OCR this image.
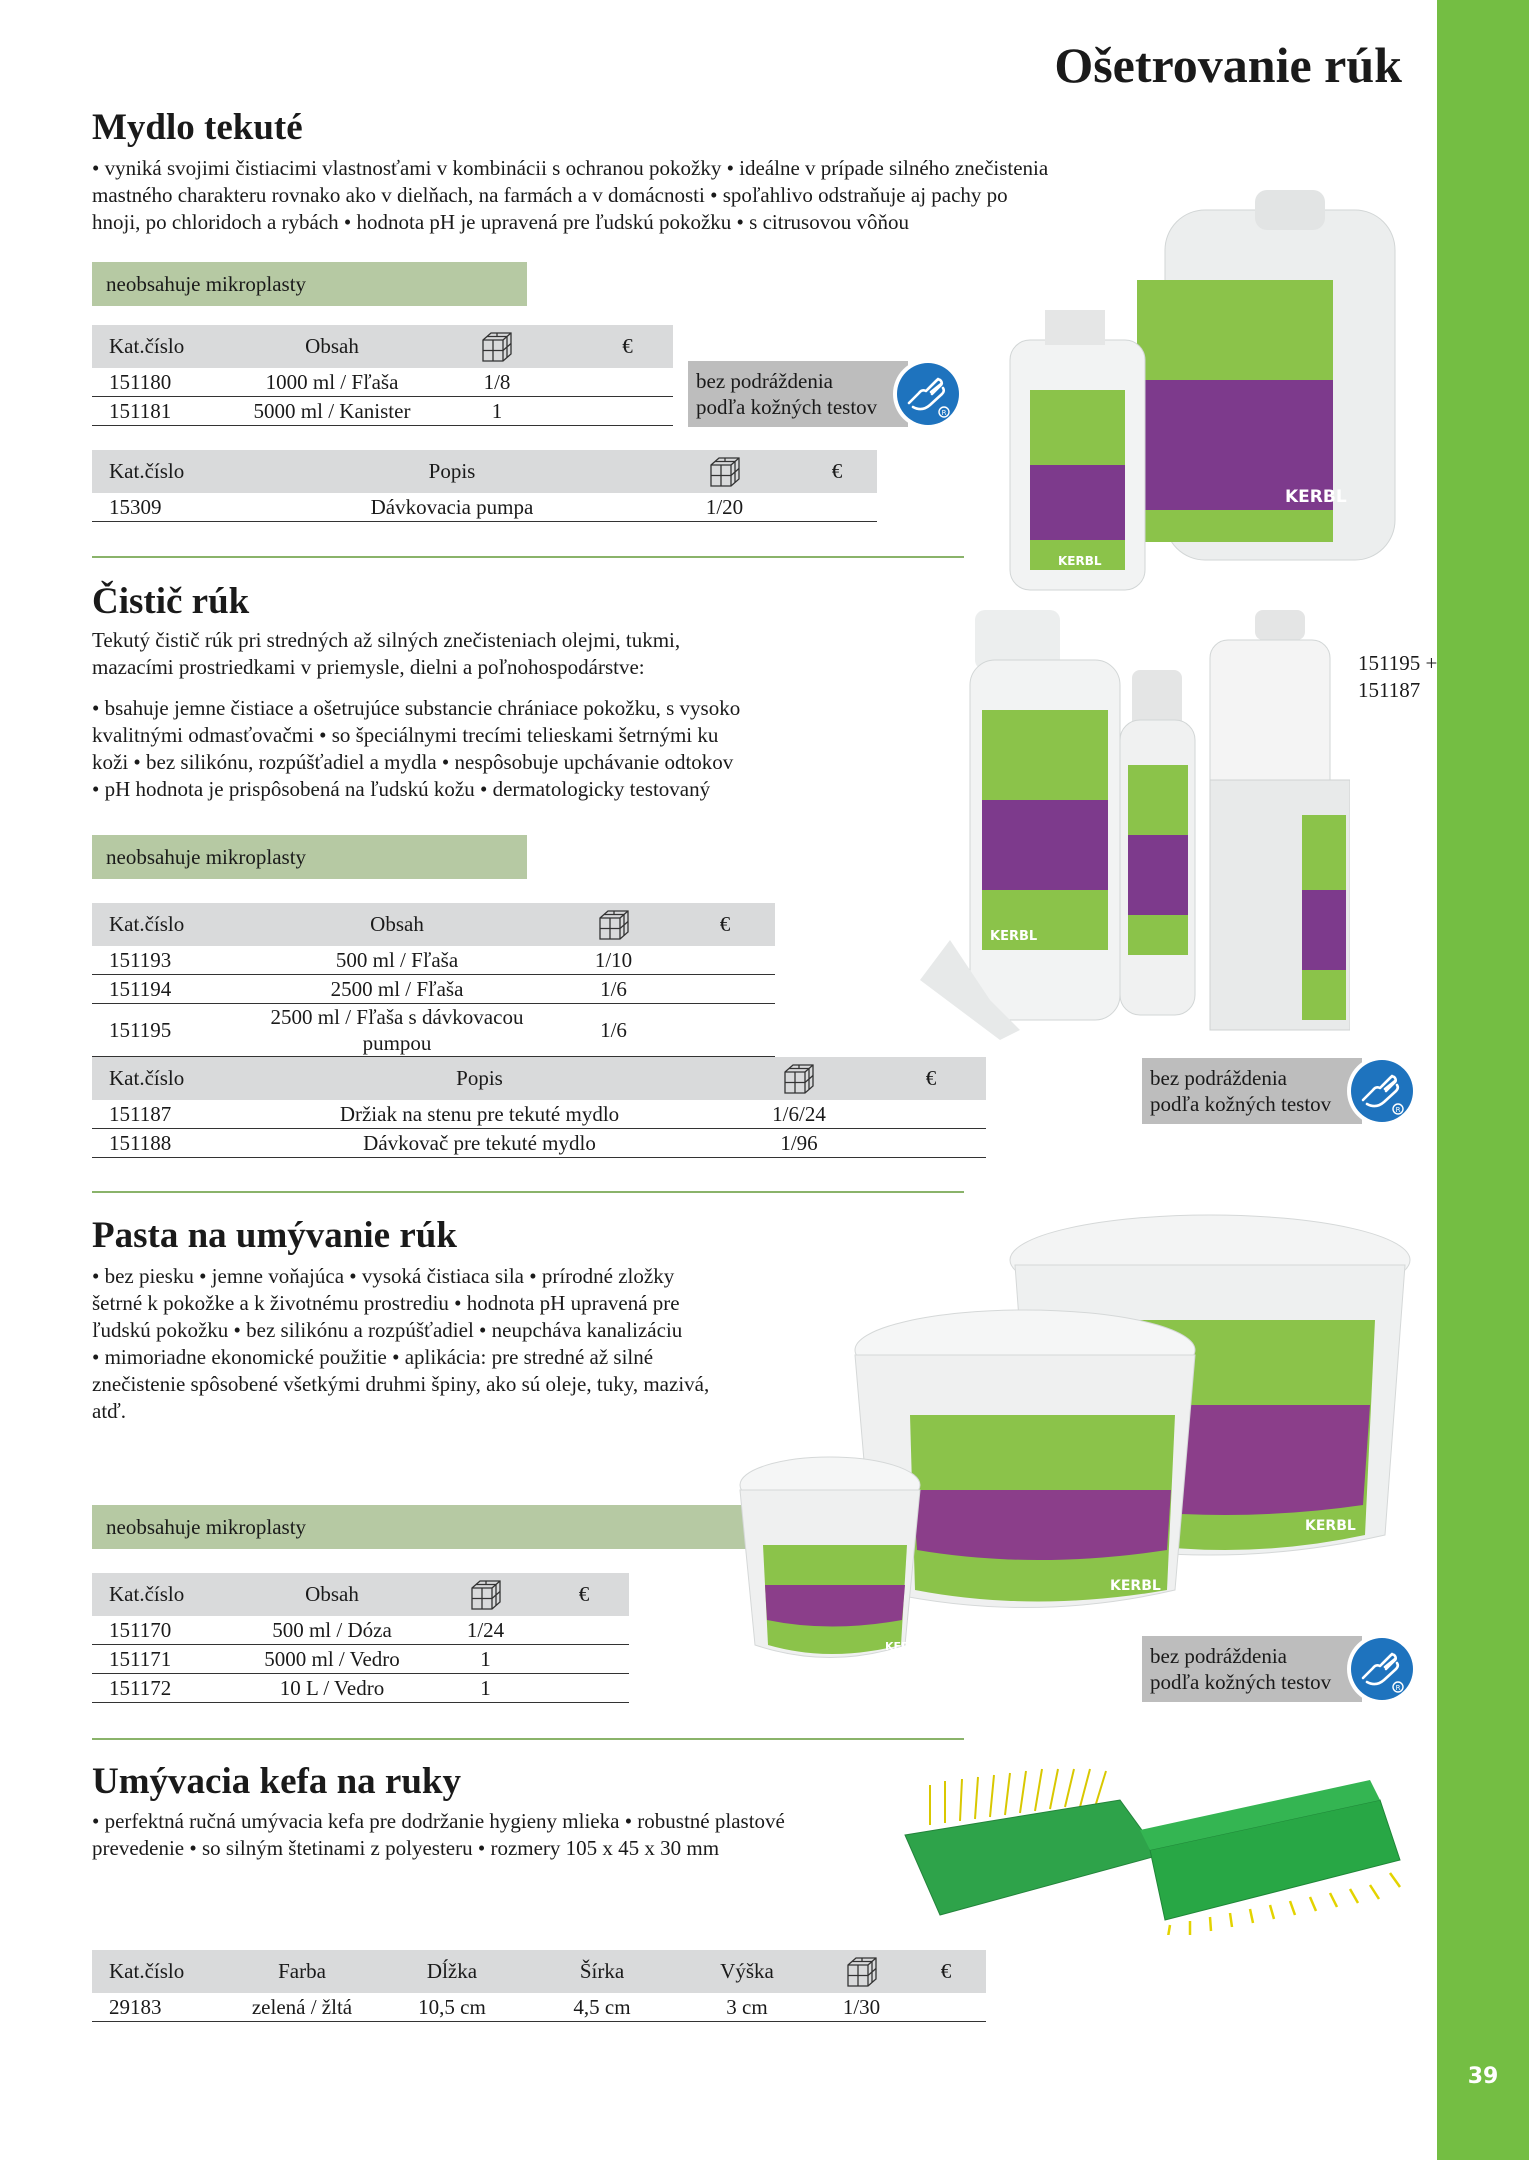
39
Ošetrovanie rúk
Mydlo tekuté
• vyniká svojimi čistiacimi vlastnosťami v kombinácii s ochranou pokožky • ideálne v prípade silného znečistenia
mastného charakteru rovnako ako v dielňach, na farmách a v domácnosti • spoľahlivo odstraňuje aj pachy po
hnoji, po chloridoch a rybách • hodnota pH je upravená pre ľudskú pokožku • s citrusovou vôňou
neobsahuje mikroplasty
Kat.číslo	Obsah		€
151180	1000 ml / Fľaša	1/8	
151181	5000 ml / Kanister	1	
bez podráždenia
podľa kožných testov
Kat.číslo	Popis		€
15309	Dávkovacia pumpa	1/20		KERBL
KERBL
Čistič rúk
Tekutý čistič rúk pri stredných až silných znečisteniach olejmi, tukmi,
mazacími prostriedkami v priemysle, dielni a poľnohospodárstve:
• bsahuje jemne čistiace a ošetrujúce substancie chrániace pokožku, s vysoko
kvalitnými odmasťovačmi • so špeciálnymi trecími telieskami šetrnými ku
koži • bez silikónu, rozpúšťadiel a mydla • nespôsobuje upchávanie odtokov
• pH hodnota je prispôsobená na ľudskú kožu • dermatologicky testovaný
neobsahuje mikroplasty
Kat.číslo	Obsah		€
151193	500 ml / Fľaša	1/10	
151194	2500 ml / Fľaša	1/6	
151195	2500 ml / Fľaša s dávkovacou pumpou	1/6	
Kat.číslo	Popis		€
151187	Držiak na stenu pre tekuté mydlo	1/6/24	
151188	Dávkovač pre tekuté mydlo	1/96	
151195 +
151187
KERBL
bez podráždenia
podľa kožných testov
Pasta na umývanie rúk
• bez piesku • jemne voňajúca • vysoká čistiaca sila • prírodné zložky
šetrné k pokožke a k životnému prostrediu • hodnota pH upravená pre
ľudskú pokožku • bez silikónu a rozpúšťadiel • neupcháva kanalizáciu
• mimoriadne ekonomické použitie • aplikácia: pre stredné až silné
znečistenie spôsobené všetkými druhmi špiny, ako sú oleje, tuky, mazivá,
atď.
neobsahuje mikroplasty
Kat.číslo	Obsah		€
151170	500 ml / Dóza	1/24	
151171	5000 ml / Vedro	1	
151172	10 L / Vedro	1	
KERBL
KERBL
KERBL	bez podráždenia
podľa kožných testov
Umývacia kefa na ruky
• perfektná ručná umývacia kefa pre dodržanie hygieny mlieka • robustné plastové
prevedenie • so silným štetinami z polyesteru • rozmery 105 x 45 x 30 mm
Kat.číslo	Farba	Dĺžka	Šírka	Výška		€
29183	zelená / žltá	10,5 cm	4,5 cm	3 cm	1/30	
